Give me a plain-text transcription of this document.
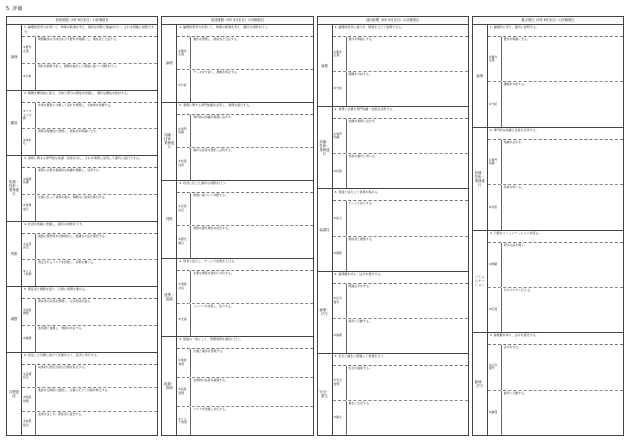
5. 評価
前回前期（0年 6月末日）の評価項目
論理
1. 論理的思考力を用いて、物事の筋道を考え、適切な判断と推論を行い、それを明確に説明できる。
①要件定義
問題解決の方向性を示す要件を明確にし、関係者と合意する。
②分析
現状を調査分析し、課題を抽出して根拠に基づく判断を行う。
構造
2. 課題を構造的に捉え、全体と部分の関係を把握し、適切な構成を検討する。
①プロセス分解
作業を要素に分解して流れを整理し、全体像を把握する。
②体系化
情報を階層的に整理し、関係性を明確に示す。
知識・技術・業務遂行
3. 業務に関する専門的な知識・技術を有し、それを業務に活用して適切に遂行できる。
①基礎知識
業務に必要な基礎的な知識を理解し、活用する。
②業務遂行
計画に沿って業務を進め、期限内に成果を提出する。
判断
4. 状況を的確に把握し、適切な判断を下す。
①意思決定
複数の選択肢を比較検討し、最適な方法を選択する。
②リスク判断
想定されるリスクを評価し、対策を講じる。
調整
5. 関係者と調整を図り、円滑に業務を進める。
①利害調整
関係者の意見を整理し、合意形成を図る。
②連携
他部署と連携し、情報を共有する。
目標達成
6. 設定した目標に向けて計画を立て、着実に実行する。
①目標設定
具体的で測定可能な目標を設定する。
②進捗管理
進捗を定期的に確認し、必要に応じて計画を修正する。
③成果報告
成果をまとめ、関係者に報告する。
前回後期（0年 9月末日）の評価項目
論理
1. 論理的思考力を用いて、物事の筋道を考え、適切な判断を行う。
①要件定義
要件を整理し、関係者と合意する。
②分析
データを分析し、課題を特定する。
知識・技術・業務遂行
2. 業務に関する専門知識を活用し、業務を遂行する。
①専門知識
専門的な知識を業務に活かす。
②技術活用
適切な技術を選択し活用する。
判断
3. 状況に応じた適切な判断を行う。
①意思決定
根拠に基づいて判断する。
②優先順位
業務の優先順位を決定する。
連携・協調
4. 他者と協力し、チームで成果を上げる。
①情報共有
必要な情報を適切に共有する。
②支援
メンバーを支援し、協力する。
組織・管理
5. 組織の一員として、管理業務を適切に行う。
①進捗管理
計画と進捗を管理する。
②品質管理
成果物の品質を確保する。
③リスク管理
リスクを把握し対応する。
前回前期（0年 6月末日）の評価項目
論理
1. 論理的思考に基づき、筋道を立てて説明できる。
①要件定義
要件を明確にする。
②分析
課題を分析する。
知識・技術・業務遂行
2. 業務に必要な専門知識・技術を活用する。
①専門知識
知識を業務に活かす。
②技術
技術を適切に用いる。
協調性
3. 周囲と協力して業務を進める。
①協力
チームと協力する。
②調整
関係者と調整する。
倫理・法令
4. 倫理観を持ち、法令を遵守する。
①法令遵守
関連法令を守る。
②倫理
誠実に行動する。
安全・衛生
5. 安全と衛生に配慮して業務を行う。
①安全管理
安全を確保する。
②衛生
衛生に注意する。
重点項目（0年 6月末日）の評価項目
論理
1. 論理的に考え、適切に説明する。
①要件定義
要件を明確にする。
②分析
課題を分析する。
知識・技術・業務遂行
2. 専門的な知識と技術を活用する。
①専門知識
知識を活かす。
②技術
技術を用いる。
コミュニケーション
3. 円滑なコミュニケーションを図る。
①傾聴
相手の話を聞く。
②伝達
分かりやすく伝える。
倫理・法令
4. 倫理観を持ち、法令を遵守する。
①法令遵守
法令を守る。
②倫理
誠実に行動する。
